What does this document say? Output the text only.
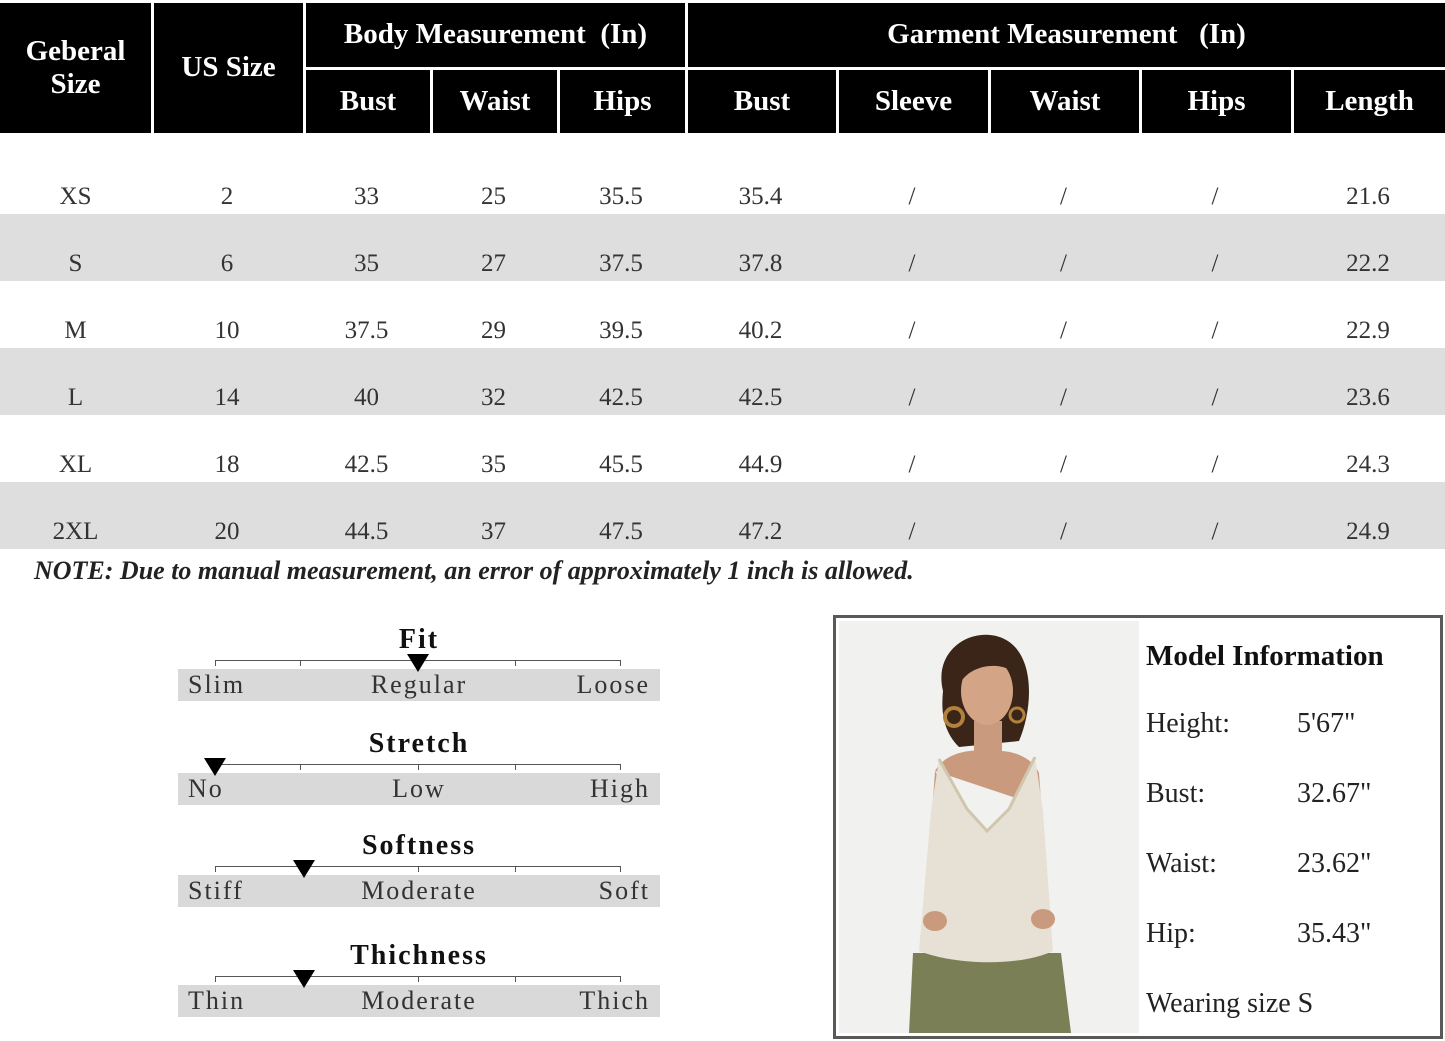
Geberal Size	US Size	Body Measurement  (In)			Garment Measurement   (In)				
		Bust	Waist	Hips	Bust	Sleeve	Waist	Hips	Length

XS	2	33	25	35.5	35.4	/	/	/	21.6
S	6	35	27	37.5	37.8	/	/	/	22.2
M	10	37.5	29	39.5	40.2	/	/	/	22.9
L	14	40	32	42.5	42.5	/	/	/	23.6
XL	18	42.5	35	45.5	44.9	/	/	/	24.3
2XL	20	44.5	37	47.5	47.2	/	/	/	24.9
NOTE: Due to manual measurement, an error of approximately 1 inch is allowed.
Fit
Slim	Regular	Loose
Stretch
No	Low	High
Softness
Stiff	Moderate	Soft
Thichness
Thin	Moderate	Thich
Model Information
Height: 5'67"
Bust:	32.67"
Waist:	23.62"
Hip:	35.43"
Wearing size S
